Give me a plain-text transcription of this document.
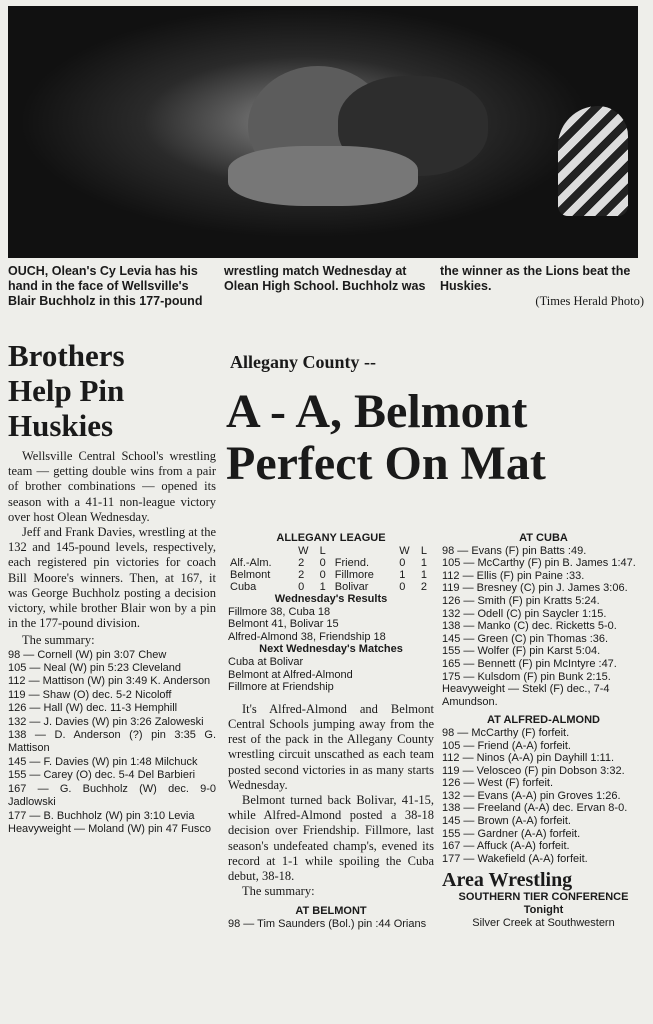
OUCH, Olean's Cy Levia has his hand in the face of Wellsville's Blair Buchholz in this 177-pound wrestling match Wednesday at Olean High School. Buchholz was the winner as the Lions beat the Huskies.
(Times Herald Photo)
Brothers
Help Pin
Huskies

Wellsville Central School's wrestling team — getting double wins from a pair of brother combinations — opened its season with a 41-11 non-league victory over host Olean Wednesday.

Jeff and Frank Davies, wrestling at the 132 and 145-pound levels, respectively, each registered pin victories for coach Bill Moore's winners. Then, at 167, it was George Buchholz posting a decision victory, while brother Blair won by a pin in the 177-pound division.

The summary:

98 — Cornell (W) pin 3:07 Chew

105 — Neal (W) pin 5:23 Cleveland

112 — Mattison (W) pin 3:49 K. Anderson

119 — Shaw (O) dec. 5-2 Nicoloff

126 — Hall (W) dec. 11-3 Hemphill

132 — J. Davies (W) pin 3:26 Zaloweski

138 — D. Anderson (?) pin 3:35 G. Mattison

145 — F. Davies (W) pin 1:48 Milchuck

155 — Carey (O) dec. 5-4 Del Barbieri

167 — G. Buchholz (W) dec. 9-0 Jadlowski

177 — B. Buchholz (W) pin 3:10 Levia

Heavyweight — Moland (W) pin 47 Fusco

Allegany County --
A - A, Belmont
Perfect On Mat

ALLEGANY LEAGUE

	W	L		W	L
Alf.-Alm.	2	0	Friend.	0	1
Belmont	2	0	Fillmore	1	1
Cuba	0	1	Bolivar	0	2

Wednesday's Results

Fillmore 38, Cuba 18

Belmont 41, Bolivar 15

Alfred-Almond 38, Friendship 18

Next Wednesday's Matches

Cuba at Bolivar

Belmont at Alfred-Almond

Fillmore at Friendship

It's Alfred-Almond and Belmont Central Schools jumping away from the rest of the pack in the Allegany County wrestling circuit unscathed as each team posted second victories in as many starts Wednesday.

Belmont turned back Bolivar, 41-15, while Alfred-Almond posted a 38-18 decision over Friendship. Fillmore, last season's undefeated champ's, evened its record at 1-1 while spoiling the Cuba debut, 38-18.

The summary:

AT BELMONT

98 — Tim Saunders (Bol.) pin :44 Orians

AT CUBA

98 — Evans (F) pin Batts :49.

105 — McCarthy (F) pin B. James 1:47.

112 — Ellis (F) pin Paine :33.

119 — Bresney (C) pin J. James 3:06.

126 — Smith (F) pin Kratts 5:24.

132 — Odell (C) pin Saycler 1:15.

138 — Manko (C) dec. Ricketts 5-0.

145 — Green (C) pin Thomas :36.

155 — Wolfer (F) pin Karst 5:04.

165 — Bennett (F) pin McIntyre :47.

175 — Kulsdom (F) pin Bunk 2:15.

Heavyweight — Stekl (F) dec., 7-4 Amundson.

AT ALFRED-ALMOND

98 — McCarthy (F) forfeit.

105 — Friend (A-A) forfeit.

112 — Ninos (A-A) pin Dayhill 1:11.

119 — Velosceo (F) pin Dobson 3:32.

126 — West (F) forfeit.

132 — Evans (A-A) pin Groves 1:26.

138 — Freeland (A-A) dec. Ervan 8-0.

145 — Brown (A-A) forfeit.

155 — Gardner (A-A) forfeit.

167 — Affuck (A-A) forfeit.

177 — Wakefield (A-A) forfeit.

Area Wrestling

SOUTHERN TIER CONFERENCE

Tonight

Silver Creek at Southwestern
